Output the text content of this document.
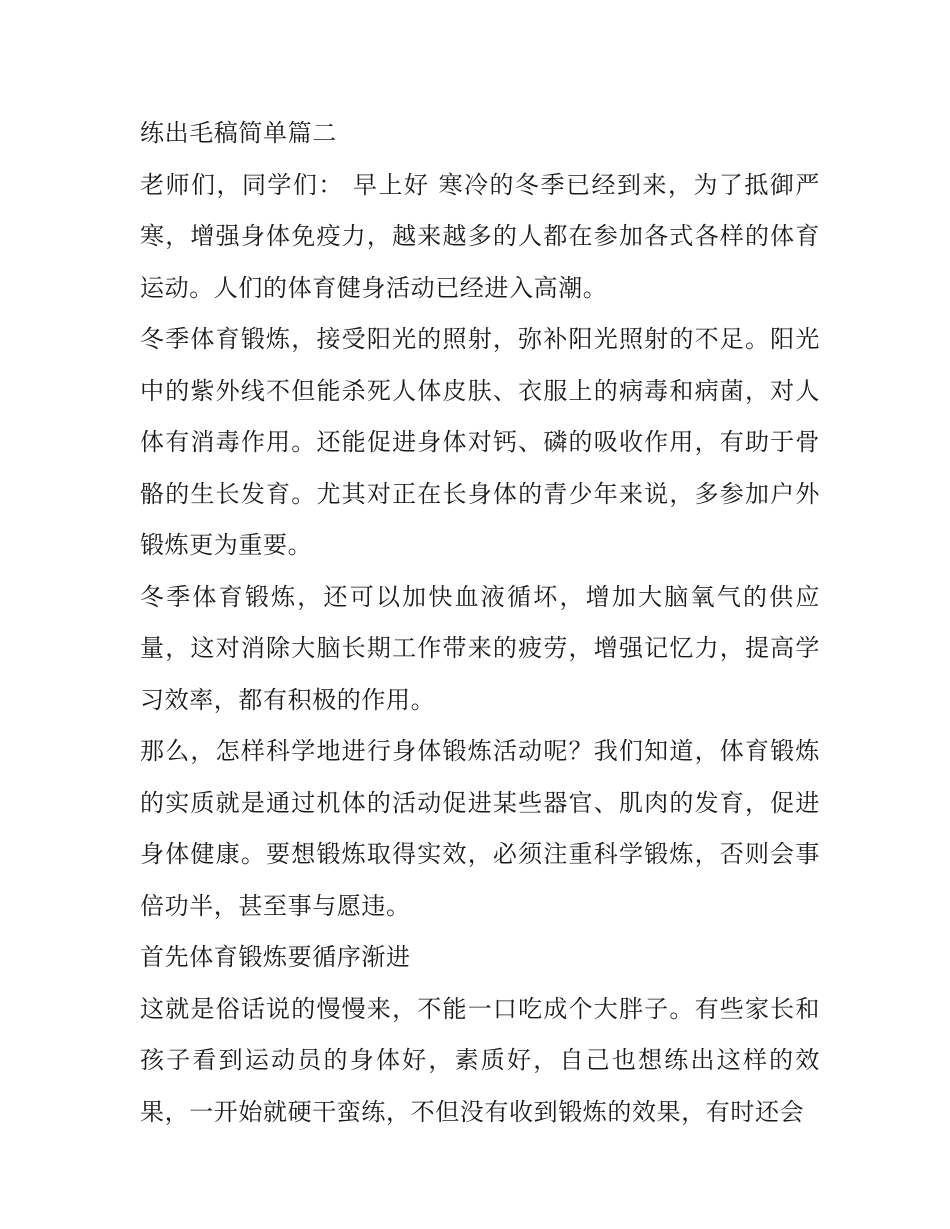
练出毛稿简单篇二

老师们，同学们： 早上好 寒冷的冬季已经到来，为了抵御严寒，增强身体免疫力，越来越多的人都在参加各式各样的体育运动。人们的体育健身活动已经进入高潮。

冬季体育锻炼，接受阳光的照射，弥补阳光照射的不足。阳光中的紫外线不但能杀死人体皮肤、衣服上的病毒和病菌，对人体有消毒作用。还能促进身体对钙、磷的吸收作用，有助于骨骼的生长发育。尤其对正在长身体的青少年来说，多参加户外锻炼更为重要。

冬季体育锻炼，还可以加快血液循坏，增加大脑氧气的供应量，这对消除大脑长期工作带来的疲劳，增强记忆力，提高学习效率，都有积极的作用。

那么，怎样科学地进行身体锻炼活动呢？我们知道，体育锻炼的实质就是通过机体的活动促进某些器官、肌肉的发育，促进身体健康。要想锻炼取得实效，必须注重科学锻炼，否则会事倍功半，甚至事与愿违。

首先体育锻炼要循序渐进

这就是俗话说的慢慢来，不能一口吃成个大胖子。有些家长和孩子看到运动员的身体好，素质好，自己也想练出这样的效果，一开始就硬干蛮练，不但没有收到锻炼的效果，有时还会
